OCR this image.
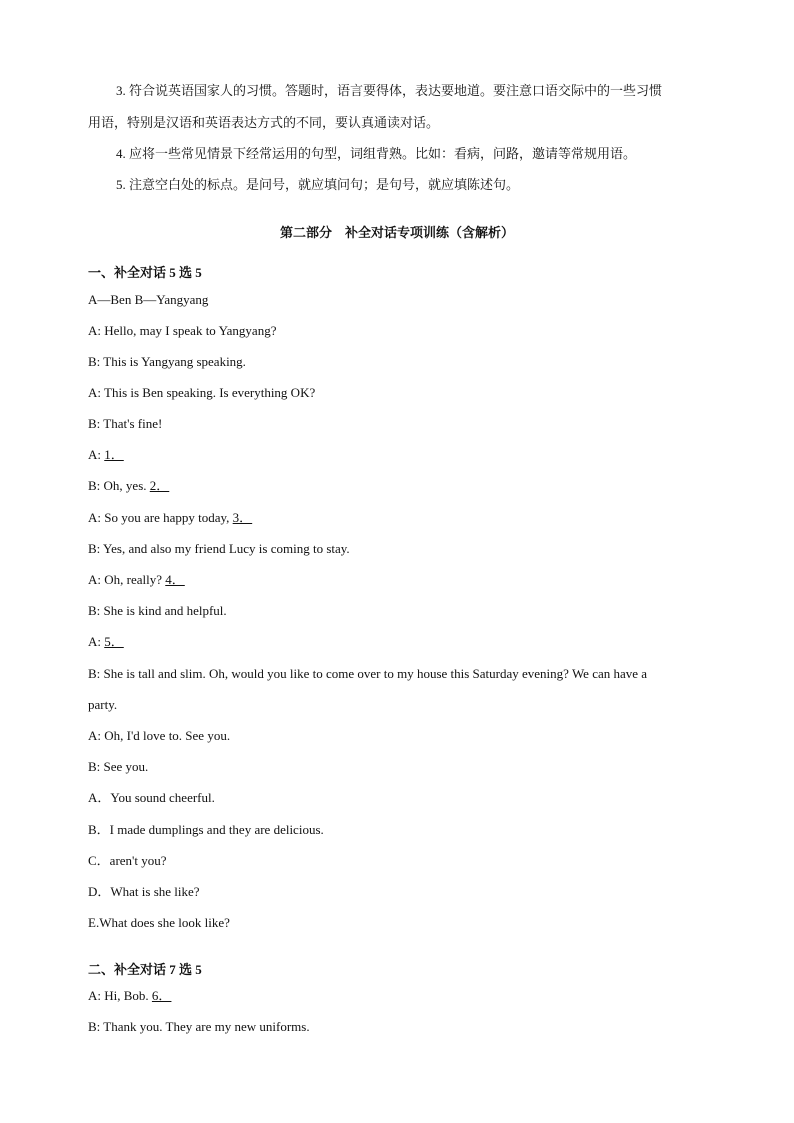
3. 符合说英语国家人的习惯。答题时，语言要得体，表达要地道。要注意口语交际中的一些习惯
用语，特别是汉语和英语表达方式的不同，要认真通读对话。
4. 应将一些常见情景下经常运用的句型，词组背熟。比如：看病，问路，邀请等常规用语。
5. 注意空白处的标点。是问号，就应填问句；是句号，就应填陈述句。
第二部分　补全对话专项训练（含解析）
一、补全对话 5 选 5
A—Ben B—Yangyang
A: Hello, may I speak to Yangyang?
B: This is Yangyang speaking.
A: This is Ben speaking. Is everything OK?
B: That's fine!
A: 1．
B: Oh, yes. 2．
A: So you are happy today, 3．
B: Yes, and also my friend Lucy is coming to stay.
A: Oh, really? 4．
B: She is kind and helpful.
A: 5．
B: She is tall and slim. Oh, would you like to come over to my house this Saturday evening? We can have a
party.
A: Oh, I'd love to. See you.
B: See you.
A．You sound cheerful.
B．I made dumplings and they are delicious.
C．aren't you?
D．What is she like?
E.What does she look like?
二、补全对话 7 选 5
A: Hi, Bob. 6．
B: Thank you. They are my new uniforms.
